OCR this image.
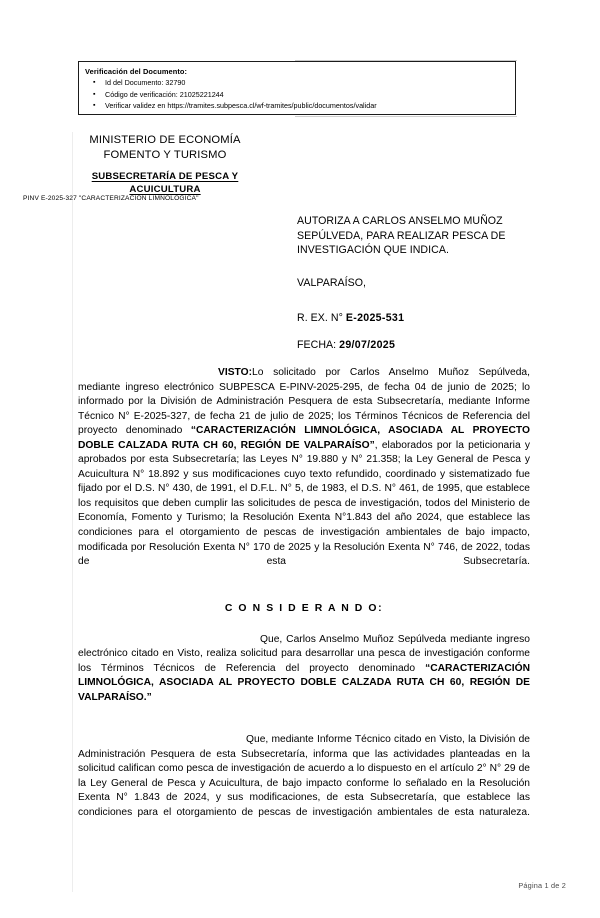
Verificación del Documento:
▪ Id del Documento: 32790
▪ Código de verificación: 21025221244
▪ Verificar validez en https://tramites.subpesca.cl/wf-tramites/public/documentos/validar
MINISTERIO DE ECONOMÍA
FOMENTO Y TURISMO
SUBSECRETARÍA DE PESCA Y
ACUICULTURA
PINV E-2025-327 "CARACTERIZACIÓN LIMNOLÓGICA"
AUTORIZA A CARLOS ANSELMO MUÑOZ SEPÚLVEDA, PARA REALIZAR PESCA DE INVESTIGACIÓN QUE INDICA.
VALPARAÍSO,
R. EX. N° E-2025-531
FECHA: 29/07/2025

VISTO:Lo solicitado por Carlos Anselmo Muñoz Sepúlveda, mediante ingreso electrónico SUBPESCA E-PINV-2025-295, de fecha 04 de junio de 2025; lo informado por la División de Administración Pesquera de esta Subsecretaría, mediante Informe Técnico N° E-2025-327, de fecha 21 de julio de 2025; los Términos Técnicos de Referencia del proyecto denominado “CARACTERIZACIÓN LIMNOLÓGICA, ASOCIADA AL PROYECTO DOBLE CALZADA RUTA CH 60, REGIÓN DE VALPARAÍSO”, elaborados por la peticionaria y aprobados por esta Subsecretaría; las Leyes N° 19.880 y N° 21.358; la Ley General de Pesca y Acuicultura N° 18.892 y sus modificaciones cuyo texto refundido, coordinado y sistematizado fue fijado por el D.S. N° 430, de 1991, el D.F.L. N° 5, de 1983, el D.S. N° 461, de 1995, que establece los requisitos que deben cumplir las solicitudes de pesca de investigación, todos del Ministerio de Economía, Fomento y Turismo; la Resolución Exenta N°1.843 del año 2024, que establece las condiciones para el otorgamiento de pescas de investigación ambientales de bajo impacto, modificada por Resolución Exenta N° 170 de 2025 y la Resolución Exenta N° 746, de 2022, todas de esta Subsecretaría.

C O N S I D E R A N D O:

Que, Carlos Anselmo Muñoz Sepúlveda mediante ingreso electrónico citado en Visto, realiza solicitud para desarrollar una pesca de investigación conforme los Términos Técnicos de Referencia del proyecto denominado “CARACTERIZACIÓN LIMNOLÓGICA, ASOCIADA AL PROYECTO DOBLE CALZADA RUTA CH 60, REGIÓN DE VALPARAÍSO.”

Que, mediante Informe Técnico citado en Visto, la División de Administración Pesquera de esta Subsecretaría, informa que las actividades planteadas en la solicitud califican como pesca de investigación de acuerdo a lo dispuesto en el artículo 2° N° 29 de la Ley General de Pesca y Acuicultura, de bajo impacto conforme lo señalado en la Resolución Exenta N° 1.843 de 2024, y sus modificaciones, de esta Subsecretaría, que establece las condiciones para el otorgamiento de pescas de investigación ambientales de esta naturaleza.

Página 1 de 2
